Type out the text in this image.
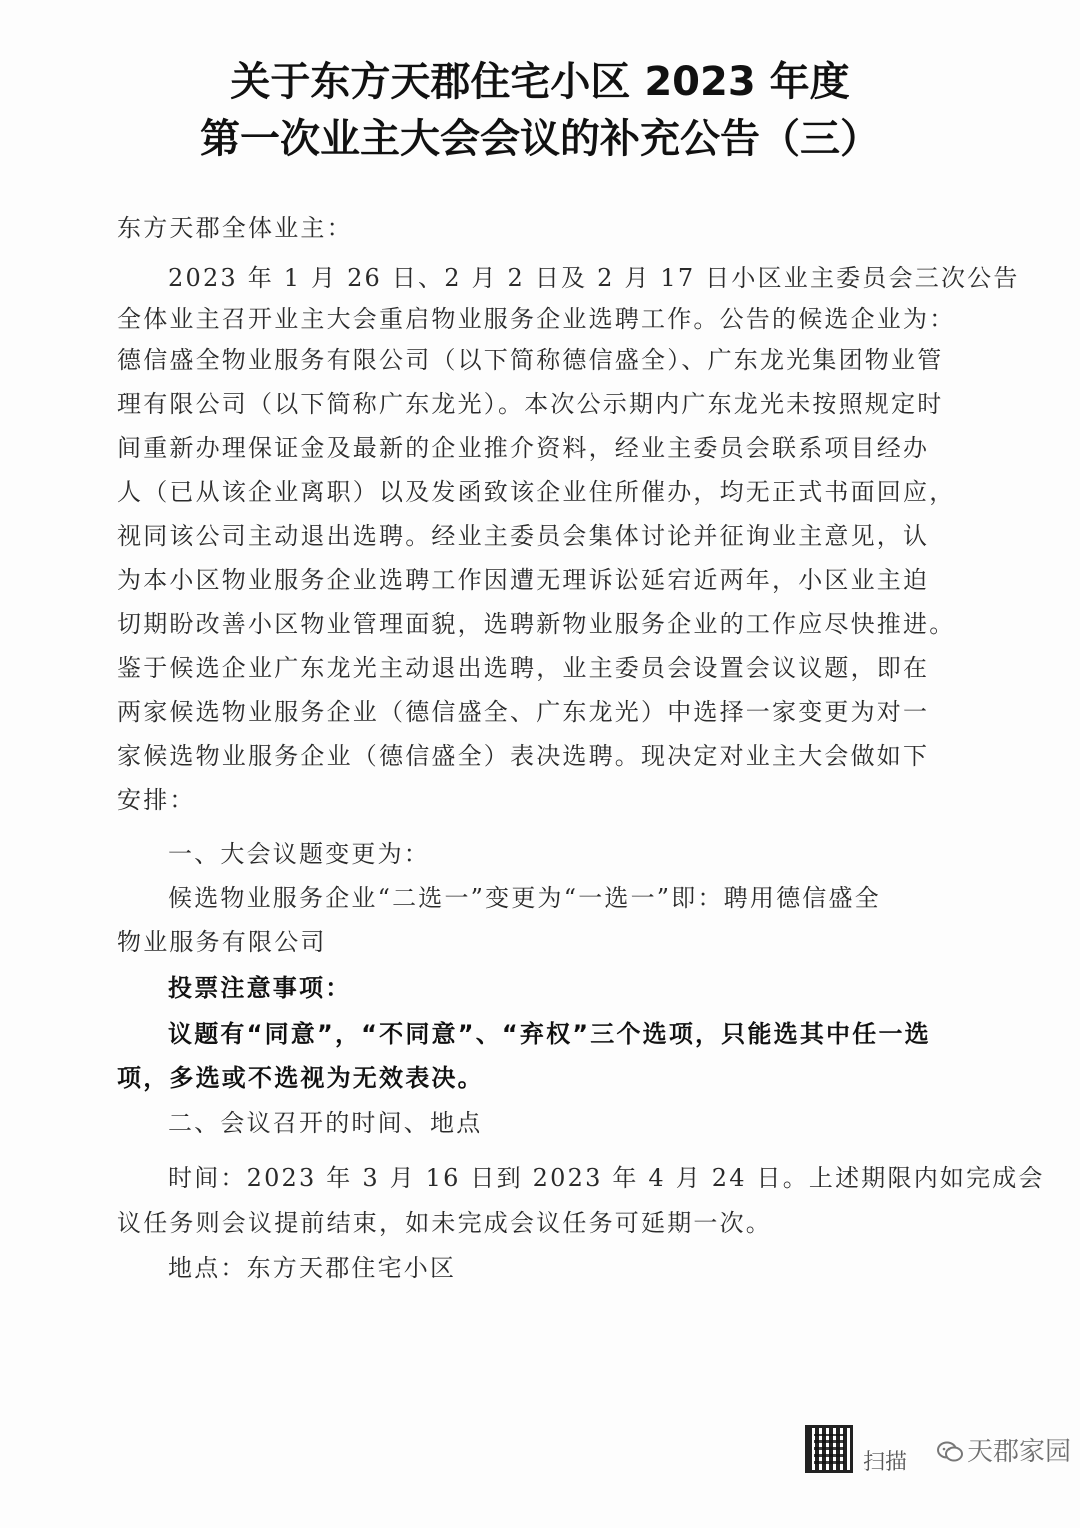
关于东方天郡住宅小区 2023 年度
第一次业主大会会议的补充公告（三）
东方天郡全体业主：
2023 年 1 月 26 日、2 月 2 日及 2 月 17 日小区业主委员会三次公告
全体业主召开业主大会重启物业服务企业选聘工作。公告的候选企业为：
德信盛全物业服务有限公司（以下简称德信盛全）、广东龙光集团物业管
理有限公司（以下简称广东龙光）。本次公示期内广东龙光未按照规定时
间重新办理保证金及最新的企业推介资料，经业主委员会联系项目经办
人（已从该企业离职）以及发函致该企业住所催办，均无正式书面回应，
视同该公司主动退出选聘。经业主委员会集体讨论并征询业主意见，认
为本小区物业服务企业选聘工作因遭无理诉讼延宕近两年，小区业主迫
切期盼改善小区物业管理面貌，选聘新物业服务企业的工作应尽快推进。
鉴于候选企业广东龙光主动退出选聘，业主委员会设置会议议题，即在
两家候选物业服务企业（德信盛全、广东龙光）中选择一家变更为对一
家候选物业服务企业（德信盛全）表决选聘。现决定对业主大会做如下
安排：
一、大会议题变更为：
候选物业服务企业“二选一”变更为“一选一”即：聘用德信盛全
物业服务有限公司
投票注意事项：
议题有“同意”，“不同意”、“弃权”三个选项，只能选其中任一选
项，多选或不选视为无效表决。
二、会议召开的时间、地点
时间：2023 年 3 月 16 日到 2023 年 4 月 24 日。上述期限内如完成会
议任务则会议提前结束，如未完成会议任务可延期一次。
地点：东方天郡住宅小区
扫描 天郡家园
